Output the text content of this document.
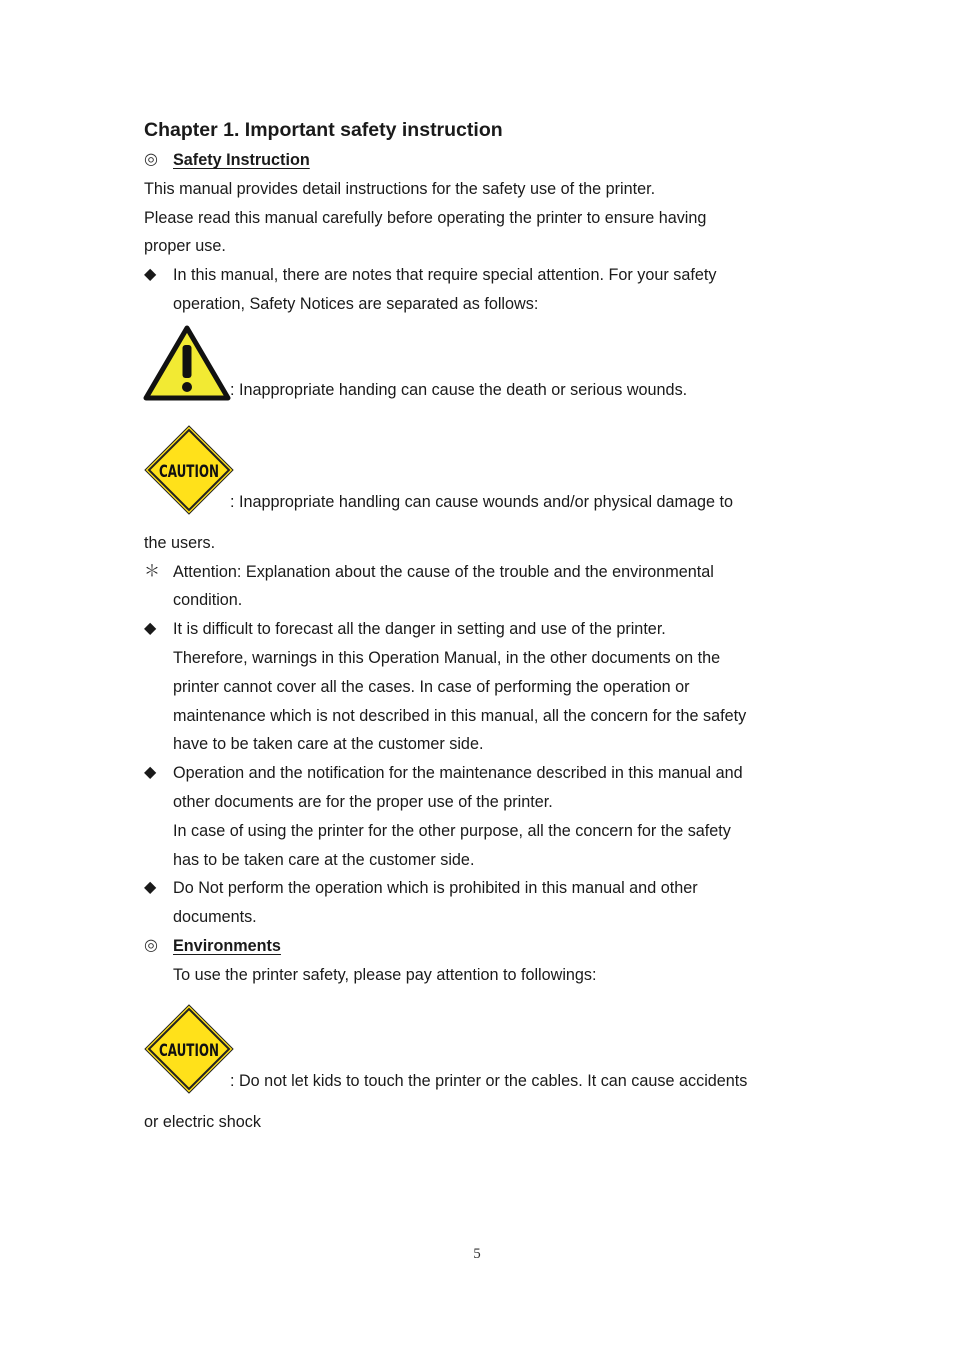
Chapter 1. Important safety instruction
◎ Safety Instruction
This manual provides detail instructions for the safety use of the printer.
Please read this manual carefully before operating the printer to ensure having
proper use.
◆	In this manual, there are notes that require special attention. For your safety
operation, Safety Notices are separated as follows:
: Inappropriate handing can cause the death or serious wounds.
CAUTION
: Inappropriate handling can cause wounds and/or physical damage to
the users.
＊ Attention: Explanation about the cause of the trouble and the environmental
condition.
◆	It is difficult to forecast all the danger in setting and use of the printer.
Therefore, warnings in this Operation Manual, in the other documents on the
printer cannot cover all the cases. In case of performing the operation or
maintenance which is not described in this manual, all the concern for the safety
have to be taken care at the customer side.
◆	Operation and the notification for the maintenance described in this manual and
other documents are for the proper use of the printer.
In case of using the printer for the other purpose, all the concern for the safety
has to be taken care at the customer side.
◆	Do Not perform the operation which is prohibited in this manual and other
documents.
◎ Environments
To use the printer safety, please pay attention to followings:
CAUTION
: Do not let kids to touch the printer or the cables. It can cause accidents
or electric shock
5
